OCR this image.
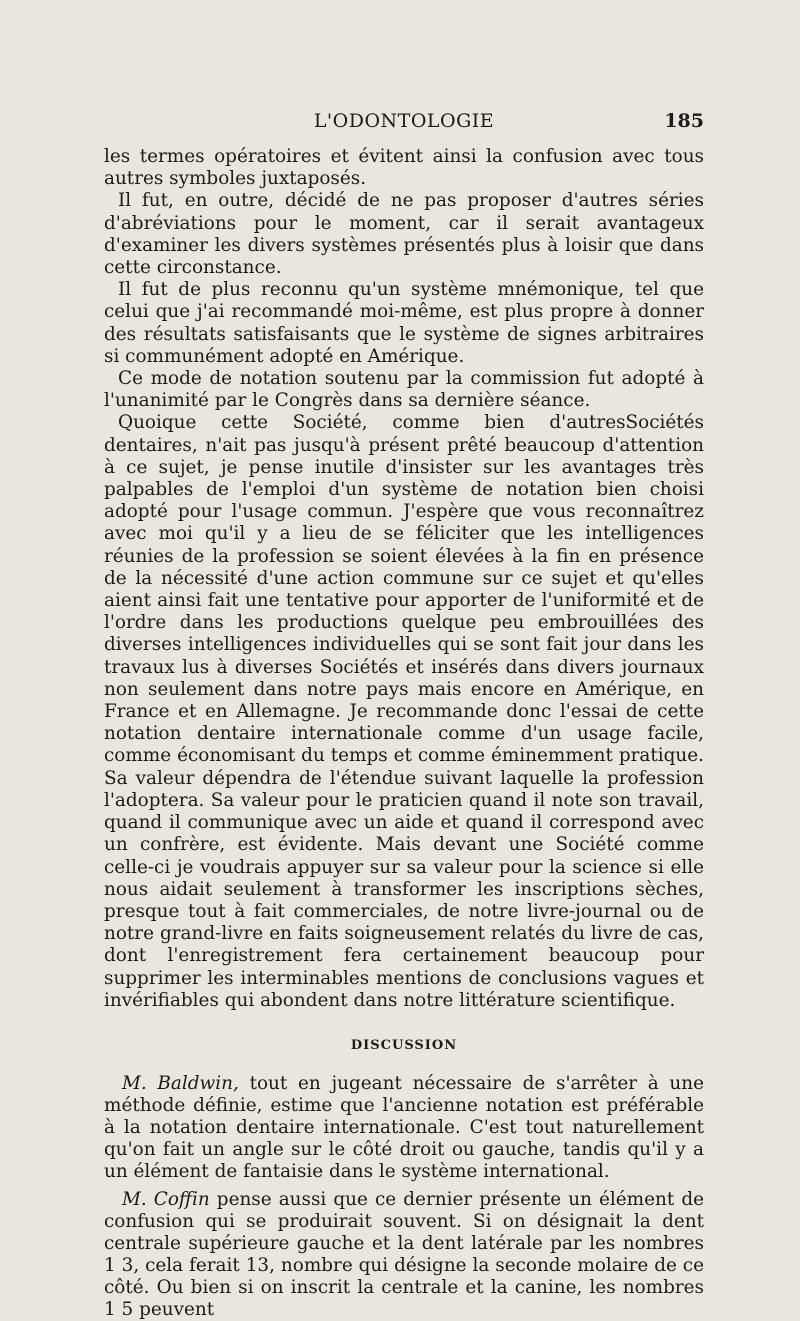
L'ODONTOLOGIE	185

les termes opératoires et évitent ainsi la confusion avec tous autres symboles juxtaposés.

Il fut, en outre, décidé de ne pas proposer d'autres séries d'abréviations pour le moment, car il serait avantageux d'examiner les divers systèmes présentés plus à loisir que dans cette circonstance.

Il fut de plus reconnu qu'un système mnémonique, tel que celui que j'ai recommandé moi-même, est plus propre à donner des résultats satisfaisants que le système de signes arbitraires si communément adopté en Amérique.

Ce mode de notation soutenu par la commission fut adopté à l'unanimité par le Congrès dans sa dernière séance.

Quoique cette Société, comme bien d'autresSociétés dentaires, n'ait pas jusqu'à présent prêté beaucoup d'attention à ce sujet, je pense inutile d'insister sur les avantages très palpables de l'emploi d'un système de notation bien choisi adopté pour l'usage commun. J'espère que vous reconnaîtrez avec moi qu'il y a lieu de se féliciter que les intelligences réunies de la profession se soient élevées à la fin en présence de la nécessité d'une action commune sur ce sujet et qu'elles aient ainsi fait une tentative pour apporter de l'uniformité et de l'ordre dans les productions quelque peu embrouillées des diverses intelligences individuelles qui se sont fait jour dans les travaux lus à diverses Sociétés et insérés dans divers journaux non seulement dans notre pays mais encore en Amérique, en France et en Allemagne. Je recommande donc l'essai de cette notation dentaire internationale comme d'un usage facile, comme économisant du temps et comme éminemment pratique. Sa valeur dépendra de l'étendue suivant laquelle la profession l'adoptera. Sa valeur pour le praticien quand il note son travail, quand il communique avec un aide et quand il correspond avec un confrère, est évidente. Mais devant une Société comme celle-ci je voudrais appuyer sur sa valeur pour la science si elle nous aidait seulement à transformer les inscriptions sèches, presque tout à fait commerciales, de notre livre-journal ou de notre grand-livre en faits soigneusement relatés du livre de cas, dont l'enregistrement fera certainement beaucoup pour supprimer les interminables mentions de conclusions vagues et invérifiables qui abondent dans notre littérature scientifique.

DISCUSSION

M. Baldwin, tout en jugeant nécessaire de s'arrêter à une méthode définie, estime que l'ancienne notation est préférable à la notation dentaire internationale. C'est tout naturellement qu'on fait un angle sur le côté droit ou gauche, tandis qu'il y a un élément de fantaisie dans le système international.

M. Coffin pense aussi que ce dernier présente un élément de confusion qui se produirait souvent. Si on désignait la dent centrale supérieure gauche et la dent latérale par les nombres 1 3, cela ferait 13, nombre qui désigne la seconde molaire de ce côté. Ou bien si on inscrit la centrale et la canine, les nombres 1 5 peuvent
